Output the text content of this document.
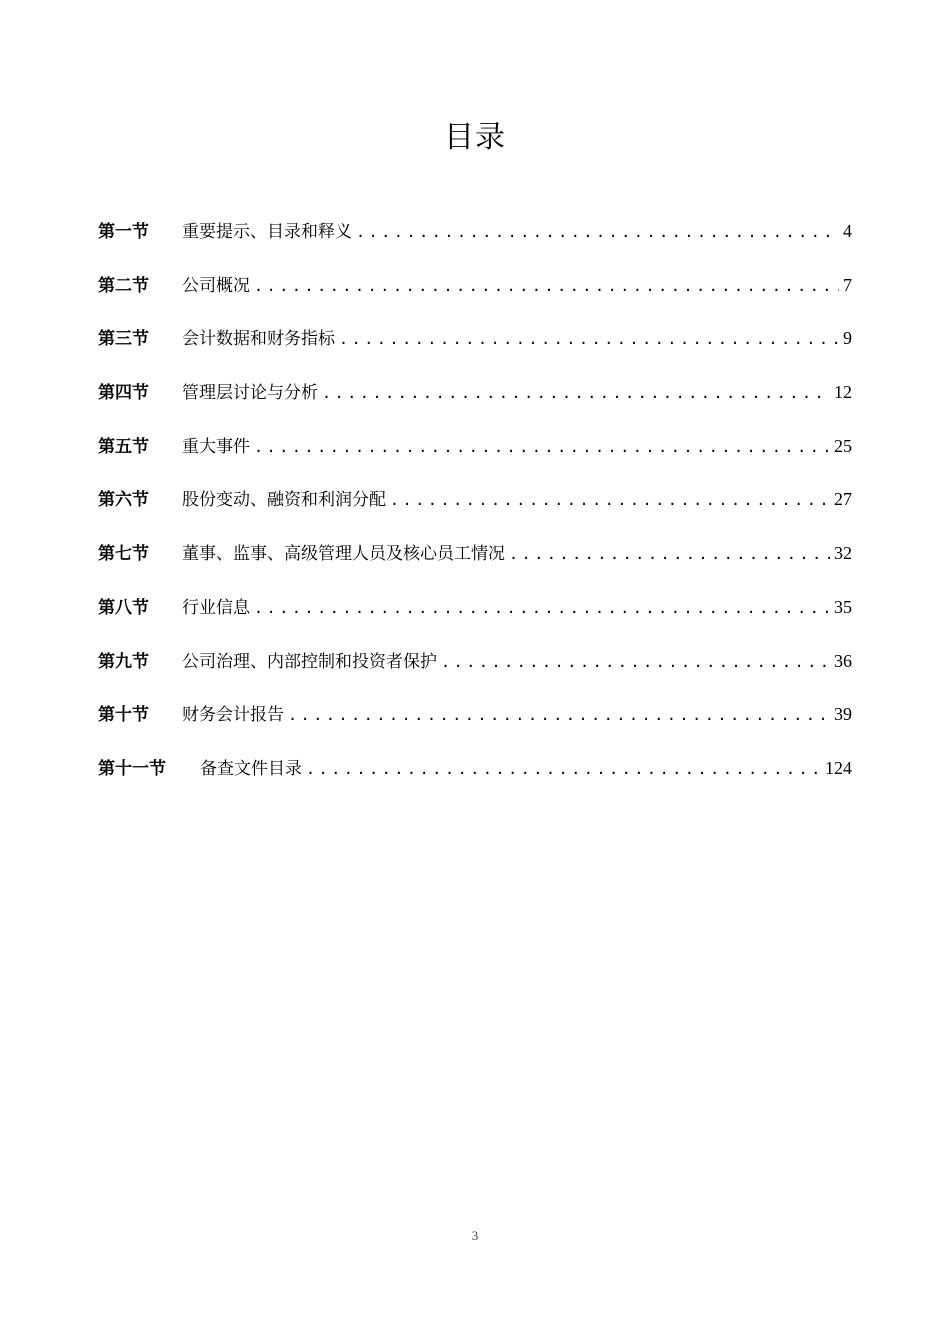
目录
第一节	重要提示、目录和释义 .....	4
第二节	公司概况 .....	7
第三节	会计数据和财务指标 .....	9
第四节	管理层讨论与分析 .....	12
第五节	重大事件 .....	25
第六节	股份变动、融资和利润分配 .....	27
第七节	董事、监事、高级管理人员及核心员工情况 .....	32
第八节	行业信息 .....	35
第九节	公司治理、内部控制和投资者保护 .....	36
第十节	财务会计报告 .....	39
第十一节	备查文件目录 .....	124
3
